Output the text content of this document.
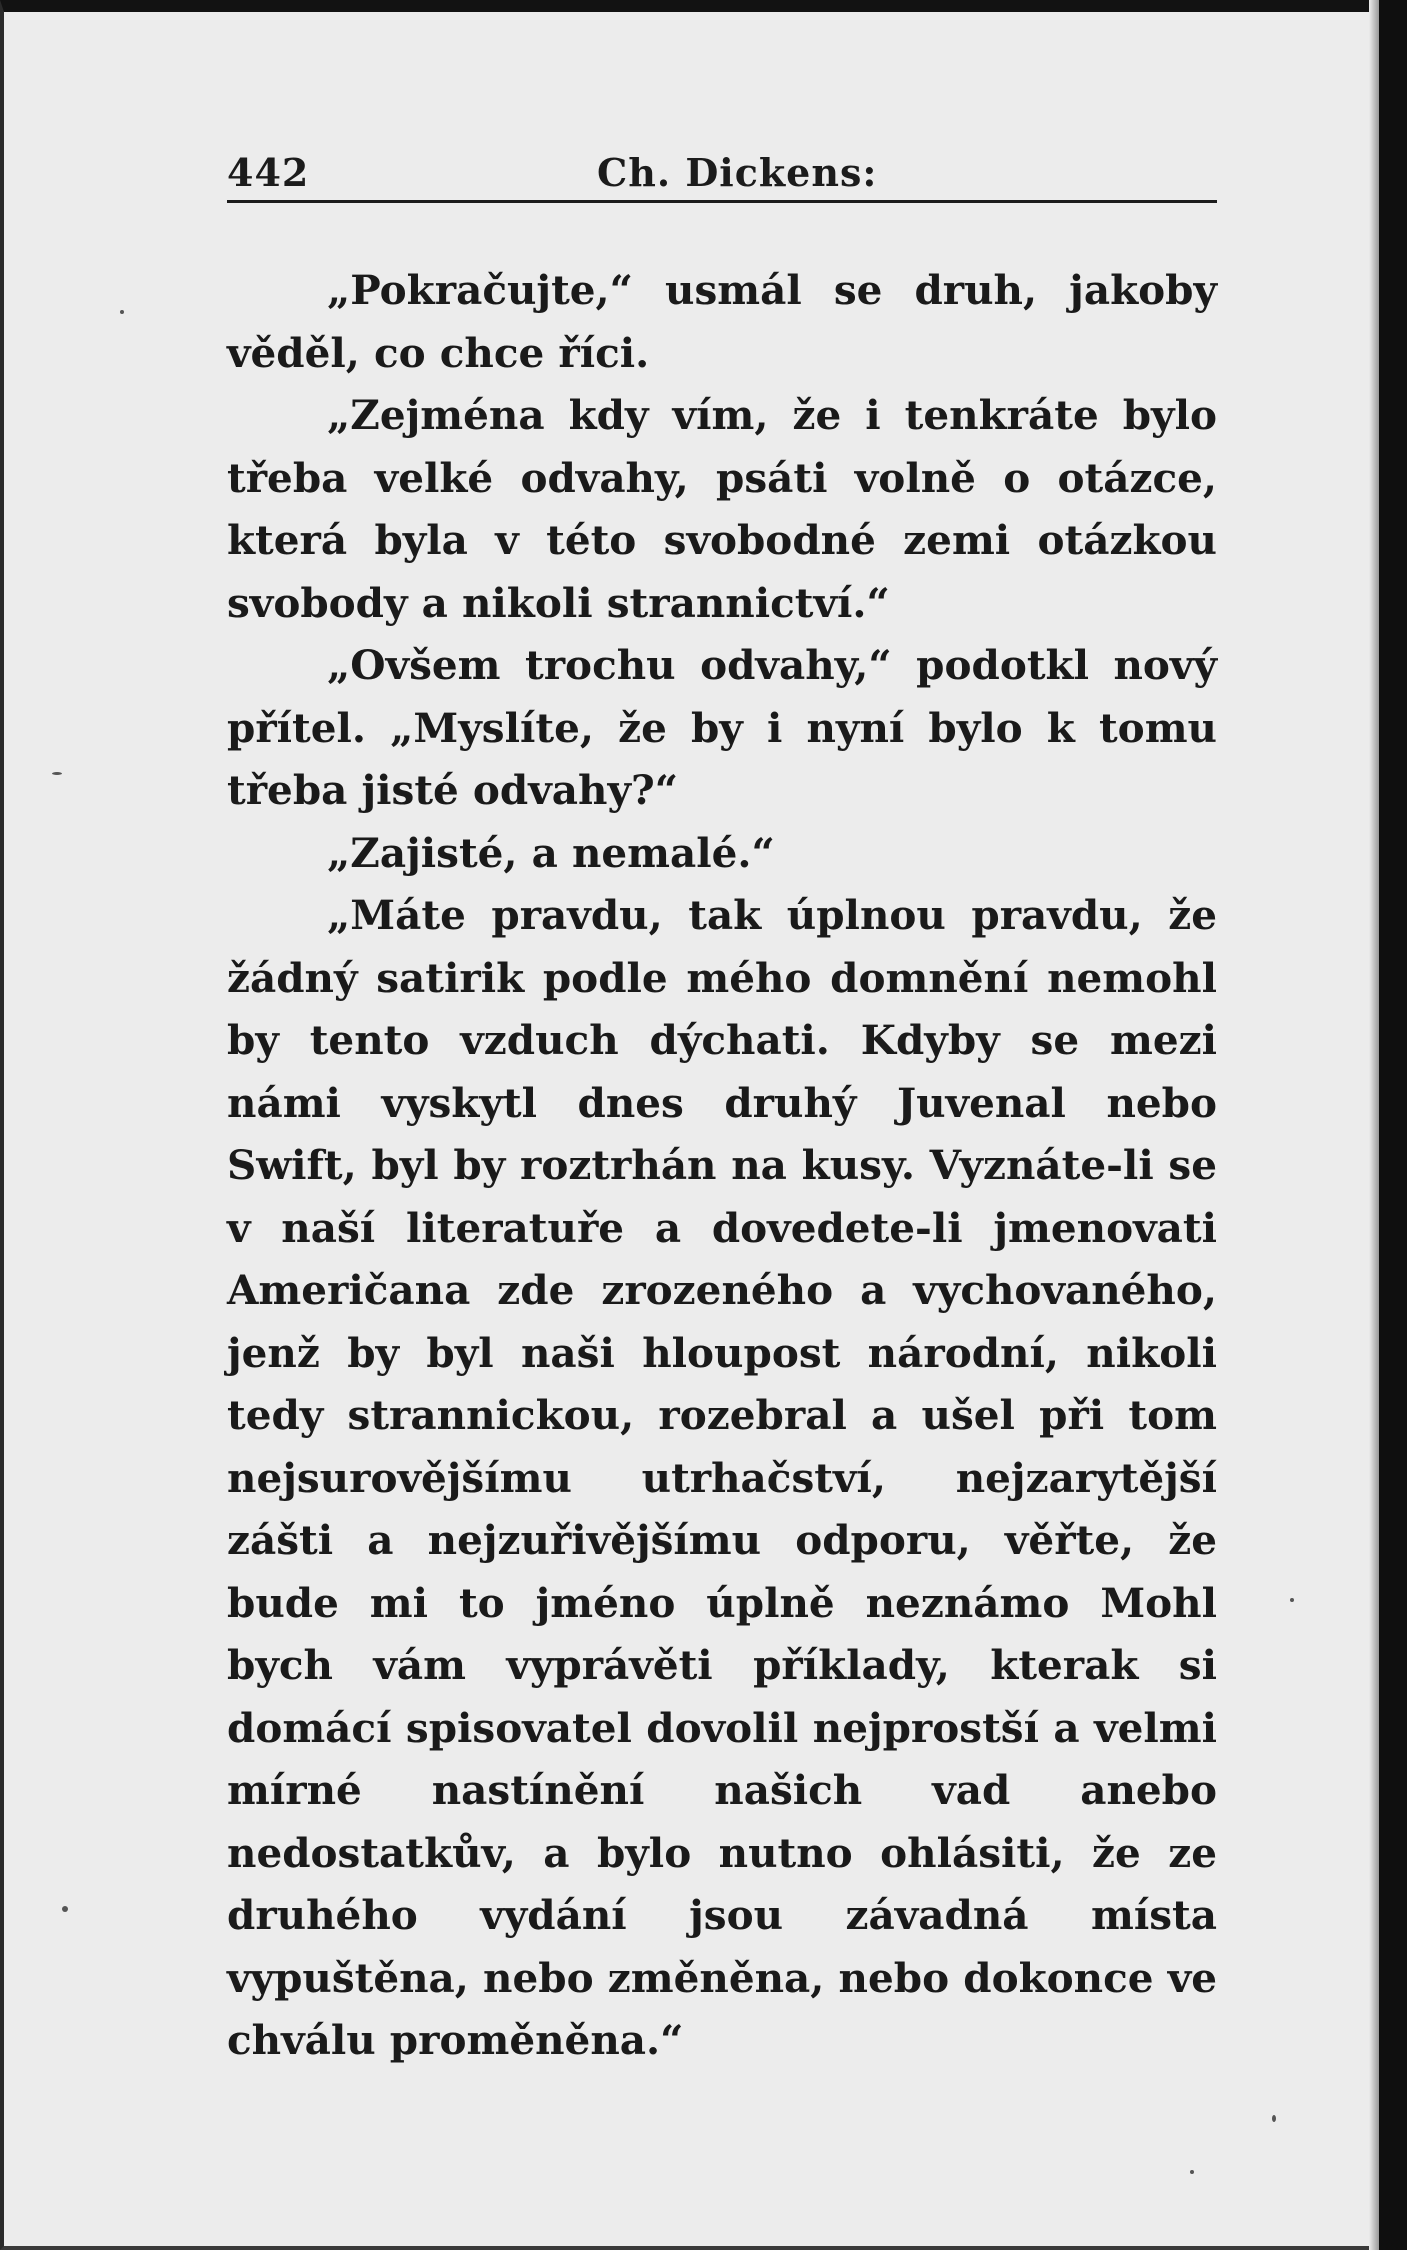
442	Ch. Dickens:

„Pokračujte,“ usmál se druh, jakoby věděl, co chce říci.

„Zejména kdy vím, že i tenkráte bylo třeba velké odvahy, psáti volně o otázce, která byla v této svobodné zemi otázkou svobody a nikoli strannictví.“

„Ovšem trochu odvahy,“ podotkl nový přítel. „Myslíte, že by i nyní bylo k tomu třeba jisté odvahy?“

„Zajisté, a nemalé.“

„Máte pravdu, tak úplnou pravdu, že žádný satirik podle mého domnění nemohl by tento vzduch dýchati. Kdyby se mezi námi vyskytl dnes druhý Juvenal nebo Swift, byl by roztrhán na kusy. Vyznáte-li se v naší literatuře a dovedete-li jmenovati Američana zde zrozeného a vychovaného, jenž by byl naši hloupost národní, nikoli tedy strannickou, rozebral a ušel při tom nejsurovějšímu utrhačství, nejzarytější zášti a nejzuřivějšímu odporu, věřte, že bude mi to jméno úplně neznámo Mohl bych vám vyprávěti příklady, kterak si domácí spisovatel dovolil nejprostší a velmi mírné nastínění našich vad anebo nedostatkův, a bylo nutno ohlásiti, že ze druhého vydání jsou závadná místa vypuštěna, nebo změněna, nebo dokonce ve chválu proměněna.“
